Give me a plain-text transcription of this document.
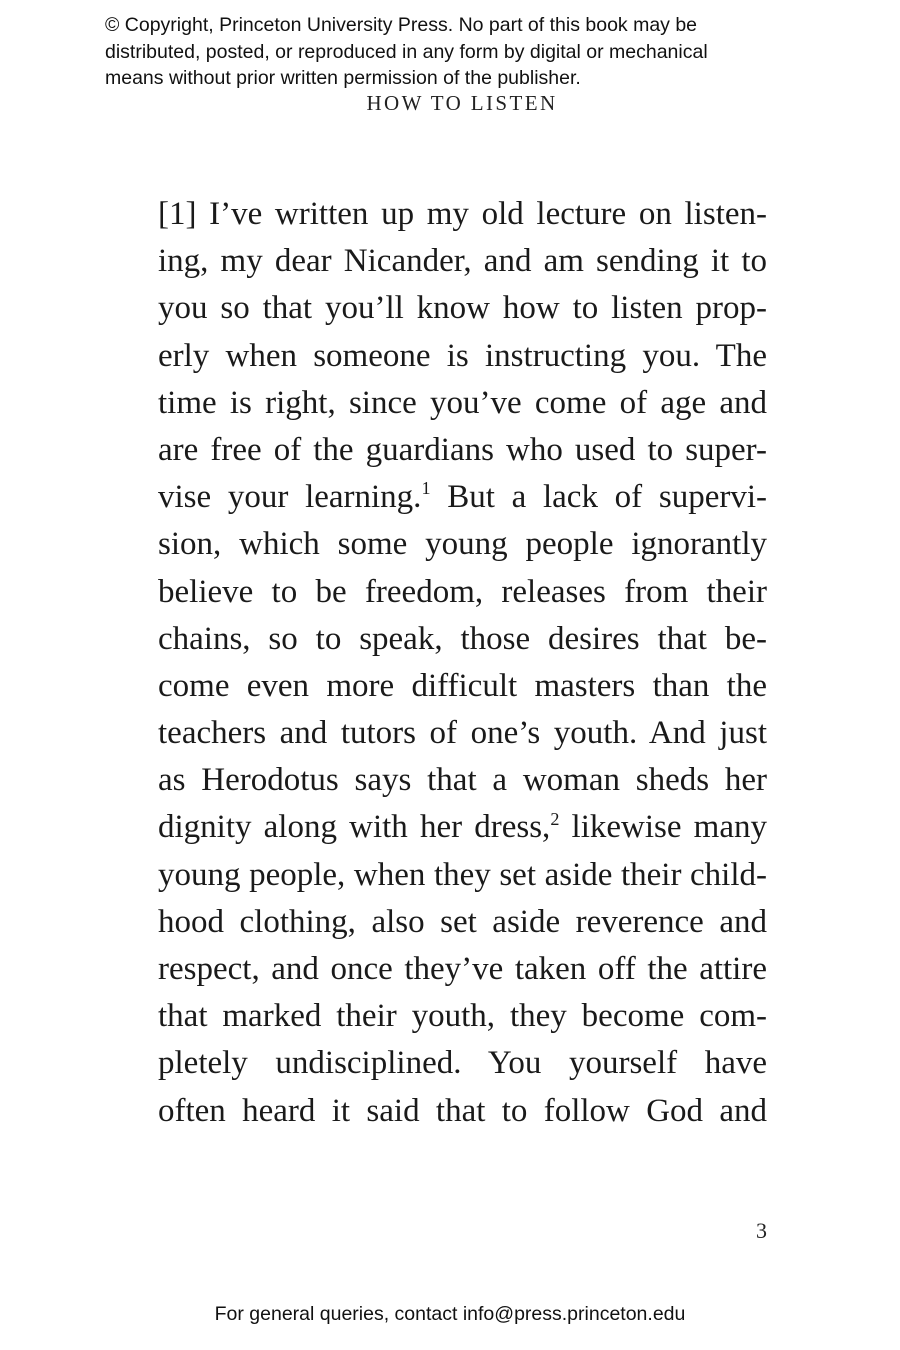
© Copyright, Princeton University Press. No part of this book may be
distributed, posted, or reproduced in any form by digital or mechanical
means without prior written permission of the publisher.
HOW TO LISTEN
[1] I’ve written up my old lecture on listen-
ing, my dear Nicander, and am sending it to
you so that you’ll know how to listen prop-
erly when someone is instructing you. The
time is right, since you’ve come of age and
are free of the guardians who used to super-
vise your learning.$^1$ But a lack of supervi-
sion, which some young people ignorantly
believe to be freedom, releases from their
chains, so to speak, those desires that be-
come even more difficult masters than the
teachers and tutors of one’s youth. And just
as Herodotus says that a woman sheds her
dignity along with her dress,$^2$ likewise many
young people, when they set aside their child-
hood clothing, also set aside reverence and
respect, and once they’ve taken off the attire
that marked their youth, they become com-
pletely undisciplined. You yourself have
often heard it said that to follow God and
3
For general queries, contact info@press.princeton.edu
